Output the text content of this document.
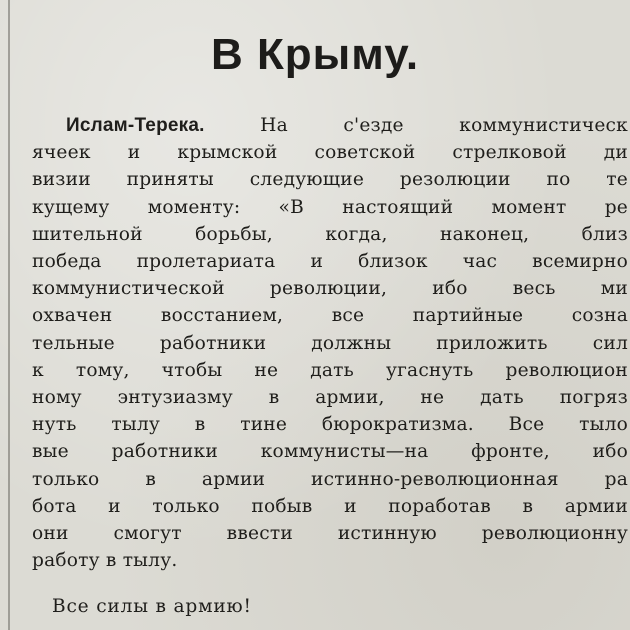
В Крыму.
Ислам-Терека.	На с'езде коммунистическ
ячеек и крымской советской стрелковой ди
визии приняты следующие резолюции по те
кущему моменту: «В настоящий момент ре
шительной борьбы, когда, наконец, близ
победа пролетариата и близок час всемирно
коммунистической революции, ибо весь ми
охвачен восстанием, все партийные созна
тельные работники должны приложить сил
к тому, чтобы не дать угаснуть революцион
ному энтузиазму в армии, не дать погряз
нуть тылу в тине бюрократизма. Все тыло
вые работники коммунисты—на фронте, ибо
только в армии истинно-революционная ра
бота и только побыв и поработав в армии
они смогут ввести истинную революционну
работу в тылу.
Все силы в армию!
